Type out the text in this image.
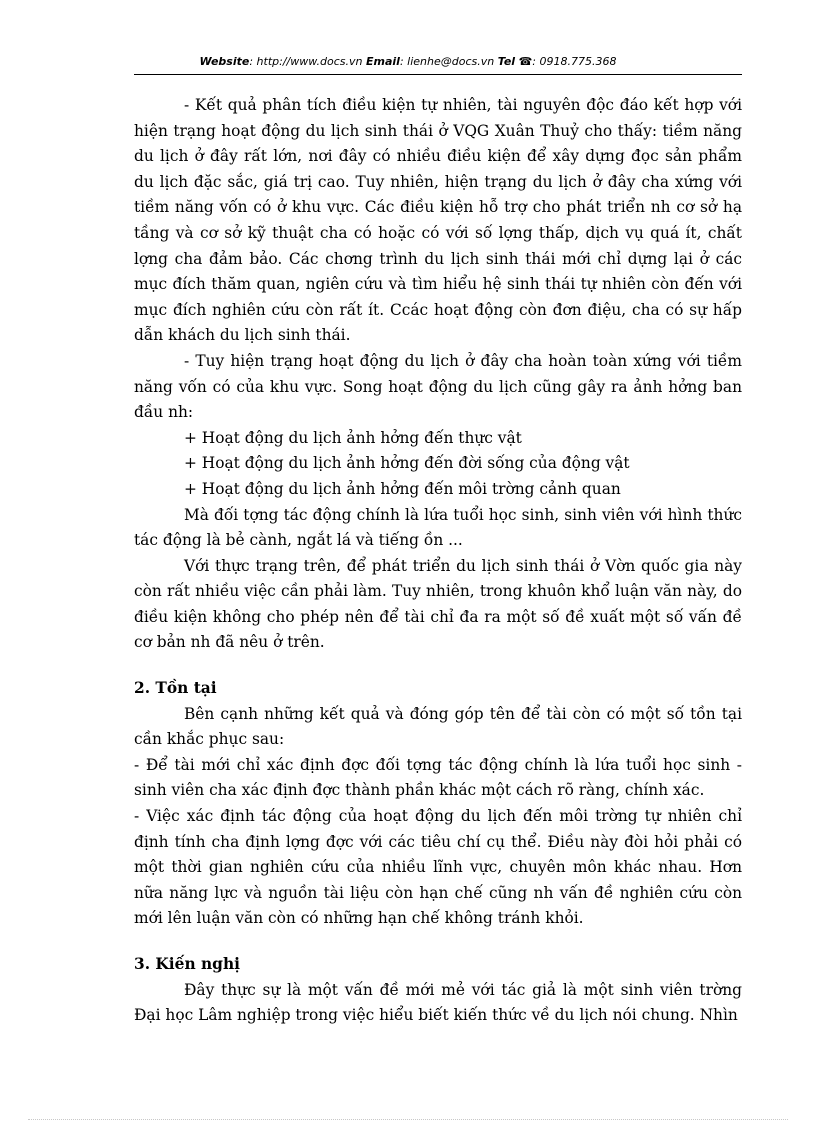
Website: http://www.docs.vn Email: lienhe@docs.vn Tel ☎: 0918.775.368

- Kết quả phân tích điều kiện tự nhiên, tài nguyên độc đáo kết hợp với hiện trạng hoạt động du lịch sinh thái ở VQG Xuân Thuỷ cho thấy: tiềm năng du lịch ở đây rất lớn, nơi đây có nhiều điều kiện để xây dựng đọc sản phẩm du lịch đặc sắc, giá trị cao. Tuy nhiên, hiện trạng du lịch ở đây cha xứng với tiềm năng vốn có ở khu vực. Các điều kiện hỗ trợ cho phát triển nh cơ sở hạ tầng và cơ sở kỹ thuật cha có hoặc có với số lợng thấp, dịch vụ quá ít, chất lợng cha đảm bảo. Các chơng trình du lịch sinh thái mới chỉ dựng lại ở các mục đích thăm quan, ngiên cứu và tìm hiểu hệ sinh thái tự nhiên còn đến với mục đích nghiên cứu còn rất ít. Ccác hoạt động còn đơn điệu, cha có sự hấp dẫn khách du lịch sinh thái.

- Tuy hiện trạng hoạt động du lịch ở đây cha hoàn toàn xứng với tiềm năng vốn có của khu vực. Song hoạt động du lịch cũng gây ra ảnh hởng ban đầu nh:

+ Hoạt động du lịch ảnh hởng đến thực vật

+ Hoạt động du lịch ảnh hởng đến đời sống của động vật

+ Hoạt động du lịch ảnh hởng đến môi trờng cảnh quan

Mà đối tợng tác động chính là lứa tuổi học sinh, sinh viên với hình thức tác động là bẻ cành, ngắt lá và tiếng ồn ...

Với thực trạng trên, để phát triển du lịch sinh thái ở Vờn quốc gia này còn rất nhiều việc cần phải làm. Tuy nhiên, trong khuôn khổ luận văn này, do điều kiện không cho phép nên để tài chỉ đa ra một số đề xuất một số vấn đề cơ bản nh đã nêu ở trên.

2. Tồn tại

Bên cạnh những kết quả và đóng góp tên để tài còn có một số tồn tại cần khắc phục sau:

- Để tài mới chỉ xác định đợc đối tợng tác động chính là lứa tuổi học sinh - sinh viên cha xác định đợc thành phần khác một cách rõ ràng, chính xác.

- Việc xác định tác động của hoạt động du lịch đến môi trờng tự nhiên chỉ định tính cha định lợng đợc với các tiêu chí cụ thể. Điều này đòi hỏi phải có một thời gian nghiên cứu của nhiều lĩnh vực, chuyên môn khác nhau. Hơn nữa năng lực và nguồn tài liệu còn hạn chế cũng nh vấn đề nghiên cứu còn mới lên luận văn còn có những hạn chế không tránh khỏi.

3. Kiến nghị

Đây thực sự là một vấn đề mới mẻ với tác giả là một sinh viên trờng Đại học Lâm nghiệp trong việc hiểu biết kiến thức về du lịch nói chung. Nhìn
